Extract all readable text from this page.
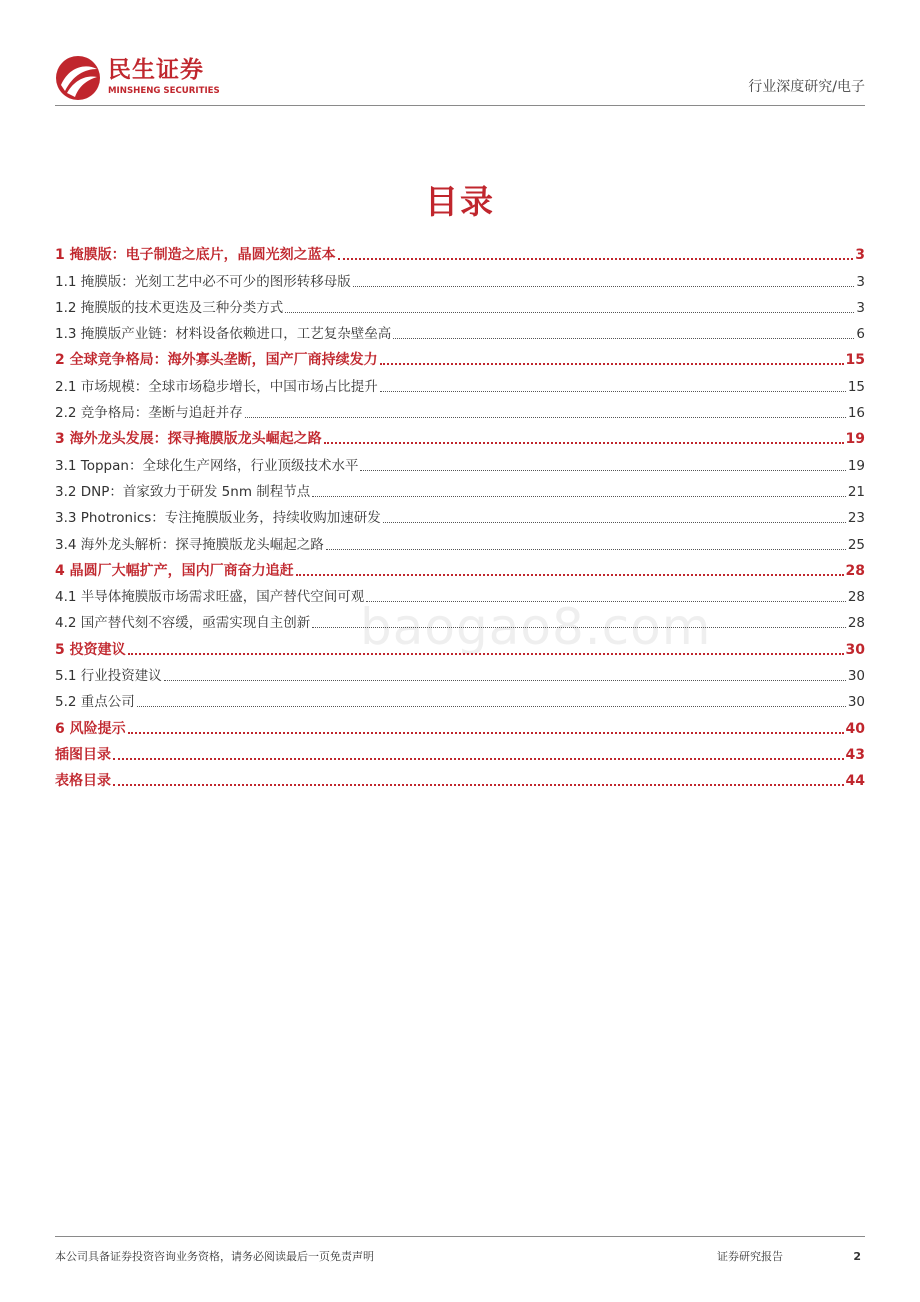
民生证券
MINSHENG SECURITIES	行业深度研究/电子
baogao8.com
目录
1 掩膜版：电子制造之底片，晶圆光刻之蓝本	3
1.1 掩膜版：光刻工艺中必不可少的图形转移母版	3
1.2 掩膜版的技术更迭及三种分类方式	3
1.3 掩膜版产业链：材料设备依赖进口，工艺复杂壁垒高	6
2 全球竞争格局：海外寡头垄断，国产厂商持续发力	15
2.1 市场规模：全球市场稳步增长，中国市场占比提升	15
2.2 竞争格局：垄断与追赶并存	16
3 海外龙头发展：探寻掩膜版龙头崛起之路	19
3.1 Toppan：全球化生产网络，行业顶级技术水平	19
3.2 DNP：首家致力于研发 5nm 制程节点	21
3.3 Photronics：专注掩膜版业务，持续收购加速研发	23
3.4 海外龙头解析：探寻掩膜版龙头崛起之路	25
4 晶圆厂大幅扩产，国内厂商奋力追赶	28
4.1 半导体掩膜版市场需求旺盛，国产替代空间可观	28
4.2 国产替代刻不容缓，亟需实现自主创新	28
5 投资建议	30
5.1 行业投资建议	30
5.2 重点公司	30
6 风险提示	40
插图目录	43
表格目录	44
本公司具备证券投资咨询业务资格，请务必阅读最后一页免责声明	证券研究报告	2
